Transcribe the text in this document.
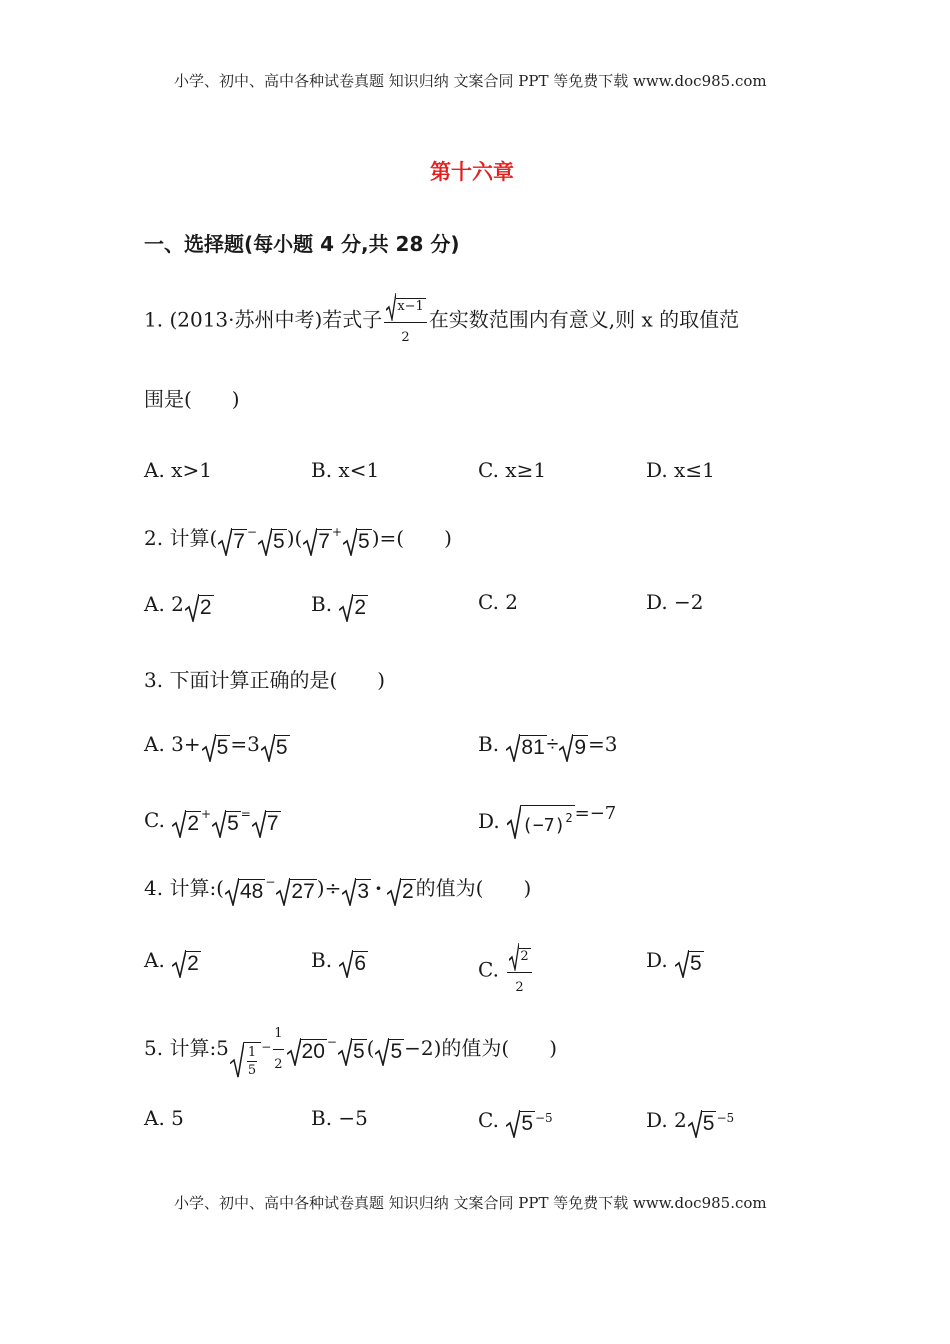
小学、初中、高中各种试卷真题 知识归纳 文案合同 PPT 等免费下载 www.doc985.com
第十六章
一、选择题(每小题 4 分,共 28 分)
1. (2013·苏州中考)若式子 $\frac{x-1}{2}$ 在实数范围内有意义,则 x 的取值范
围是(　　)
A. x>1	B. x<1	C. x≥1	D. x≤1
2. 计算( 7 − 5 )( 7 + 5 )=(　　)
A. 2 2	B.
2	C. 2	D. −2
3. 下面计算正确的是(　　)
A. 3+ 5 =3 5	B.
81÷ 9 =3
C.
2 + 5 = 7	D.
$(-7)^2 =-7$
4. 计算:( 48 − 27 )÷ 3 · 2 的值为(　　)
A.
2	B.
6	C. $\frac{2}{2}$	D.
5
5. 计算:5 $\frac{1}{5} ^- \frac{1}{2} 20$ − 5 ( 5 −2)的值为(　　)
A. 5	B. −5	C.
5 $^{-5}$	D. 2 5 $^{-5}$
小学、初中、高中各种试卷真题 知识归纳 文案合同 PPT 等免费下载 www.doc985.com
